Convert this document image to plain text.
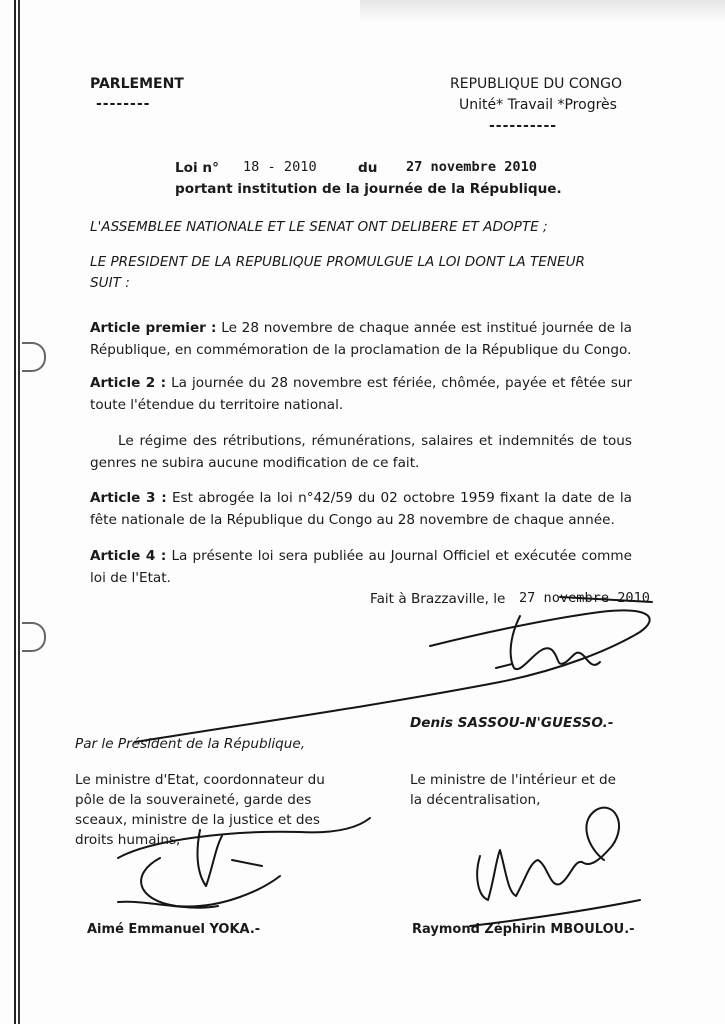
PARLEMENT
--------
REPUBLIQUE DU CONGO
Unité* Travail *Progrès
----------
Loi n° 18 - 2010	du 27 novembre 2010
portant institution de la journée de la République.
L'ASSEMBLEE NATIONALE ET LE SENAT ONT DELIBERE ET ADOPTE ;
LE PRESIDENT DE LA REPUBLIQUE PROMULGUE LA LOI DONT LA TENEUR
SUIT :
Article premier : Le 28 novembre de chaque année est institué journée de la
République, en commémoration de la proclamation de la République du Congo.
Article 2 : La journée du 28 novembre est fériée, chômée, payée et fêtée sur
toute l'étendue du territoire national.
Le régime des rétributions, rémunérations, salaires et indemnités de tous
genres ne subira aucune modification de ce fait.
Article 3 : Est abrogée la loi n°42/59 du 02 octobre 1959 fixant la date de la
fête nationale de la République du Congo au 28 novembre de chaque année.
Article 4 : La présente loi sera publiée au Journal Officiel et exécutée comme
loi de l'Etat.
Fait à Brazzaville, le 27 novembre 2010
Denis SASSOU-N'GUESSO.-
Par le Président de la République,
Le ministre d'Etat, coordonnateur du
pôle de la souveraineté, garde des
sceaux, ministre de la justice et des
droits humains,
Aimé Emmanuel YOKA.-
Le ministre de l'intérieur et de
la décentralisation,
Raymond Zéphirin MBOULOU.-
